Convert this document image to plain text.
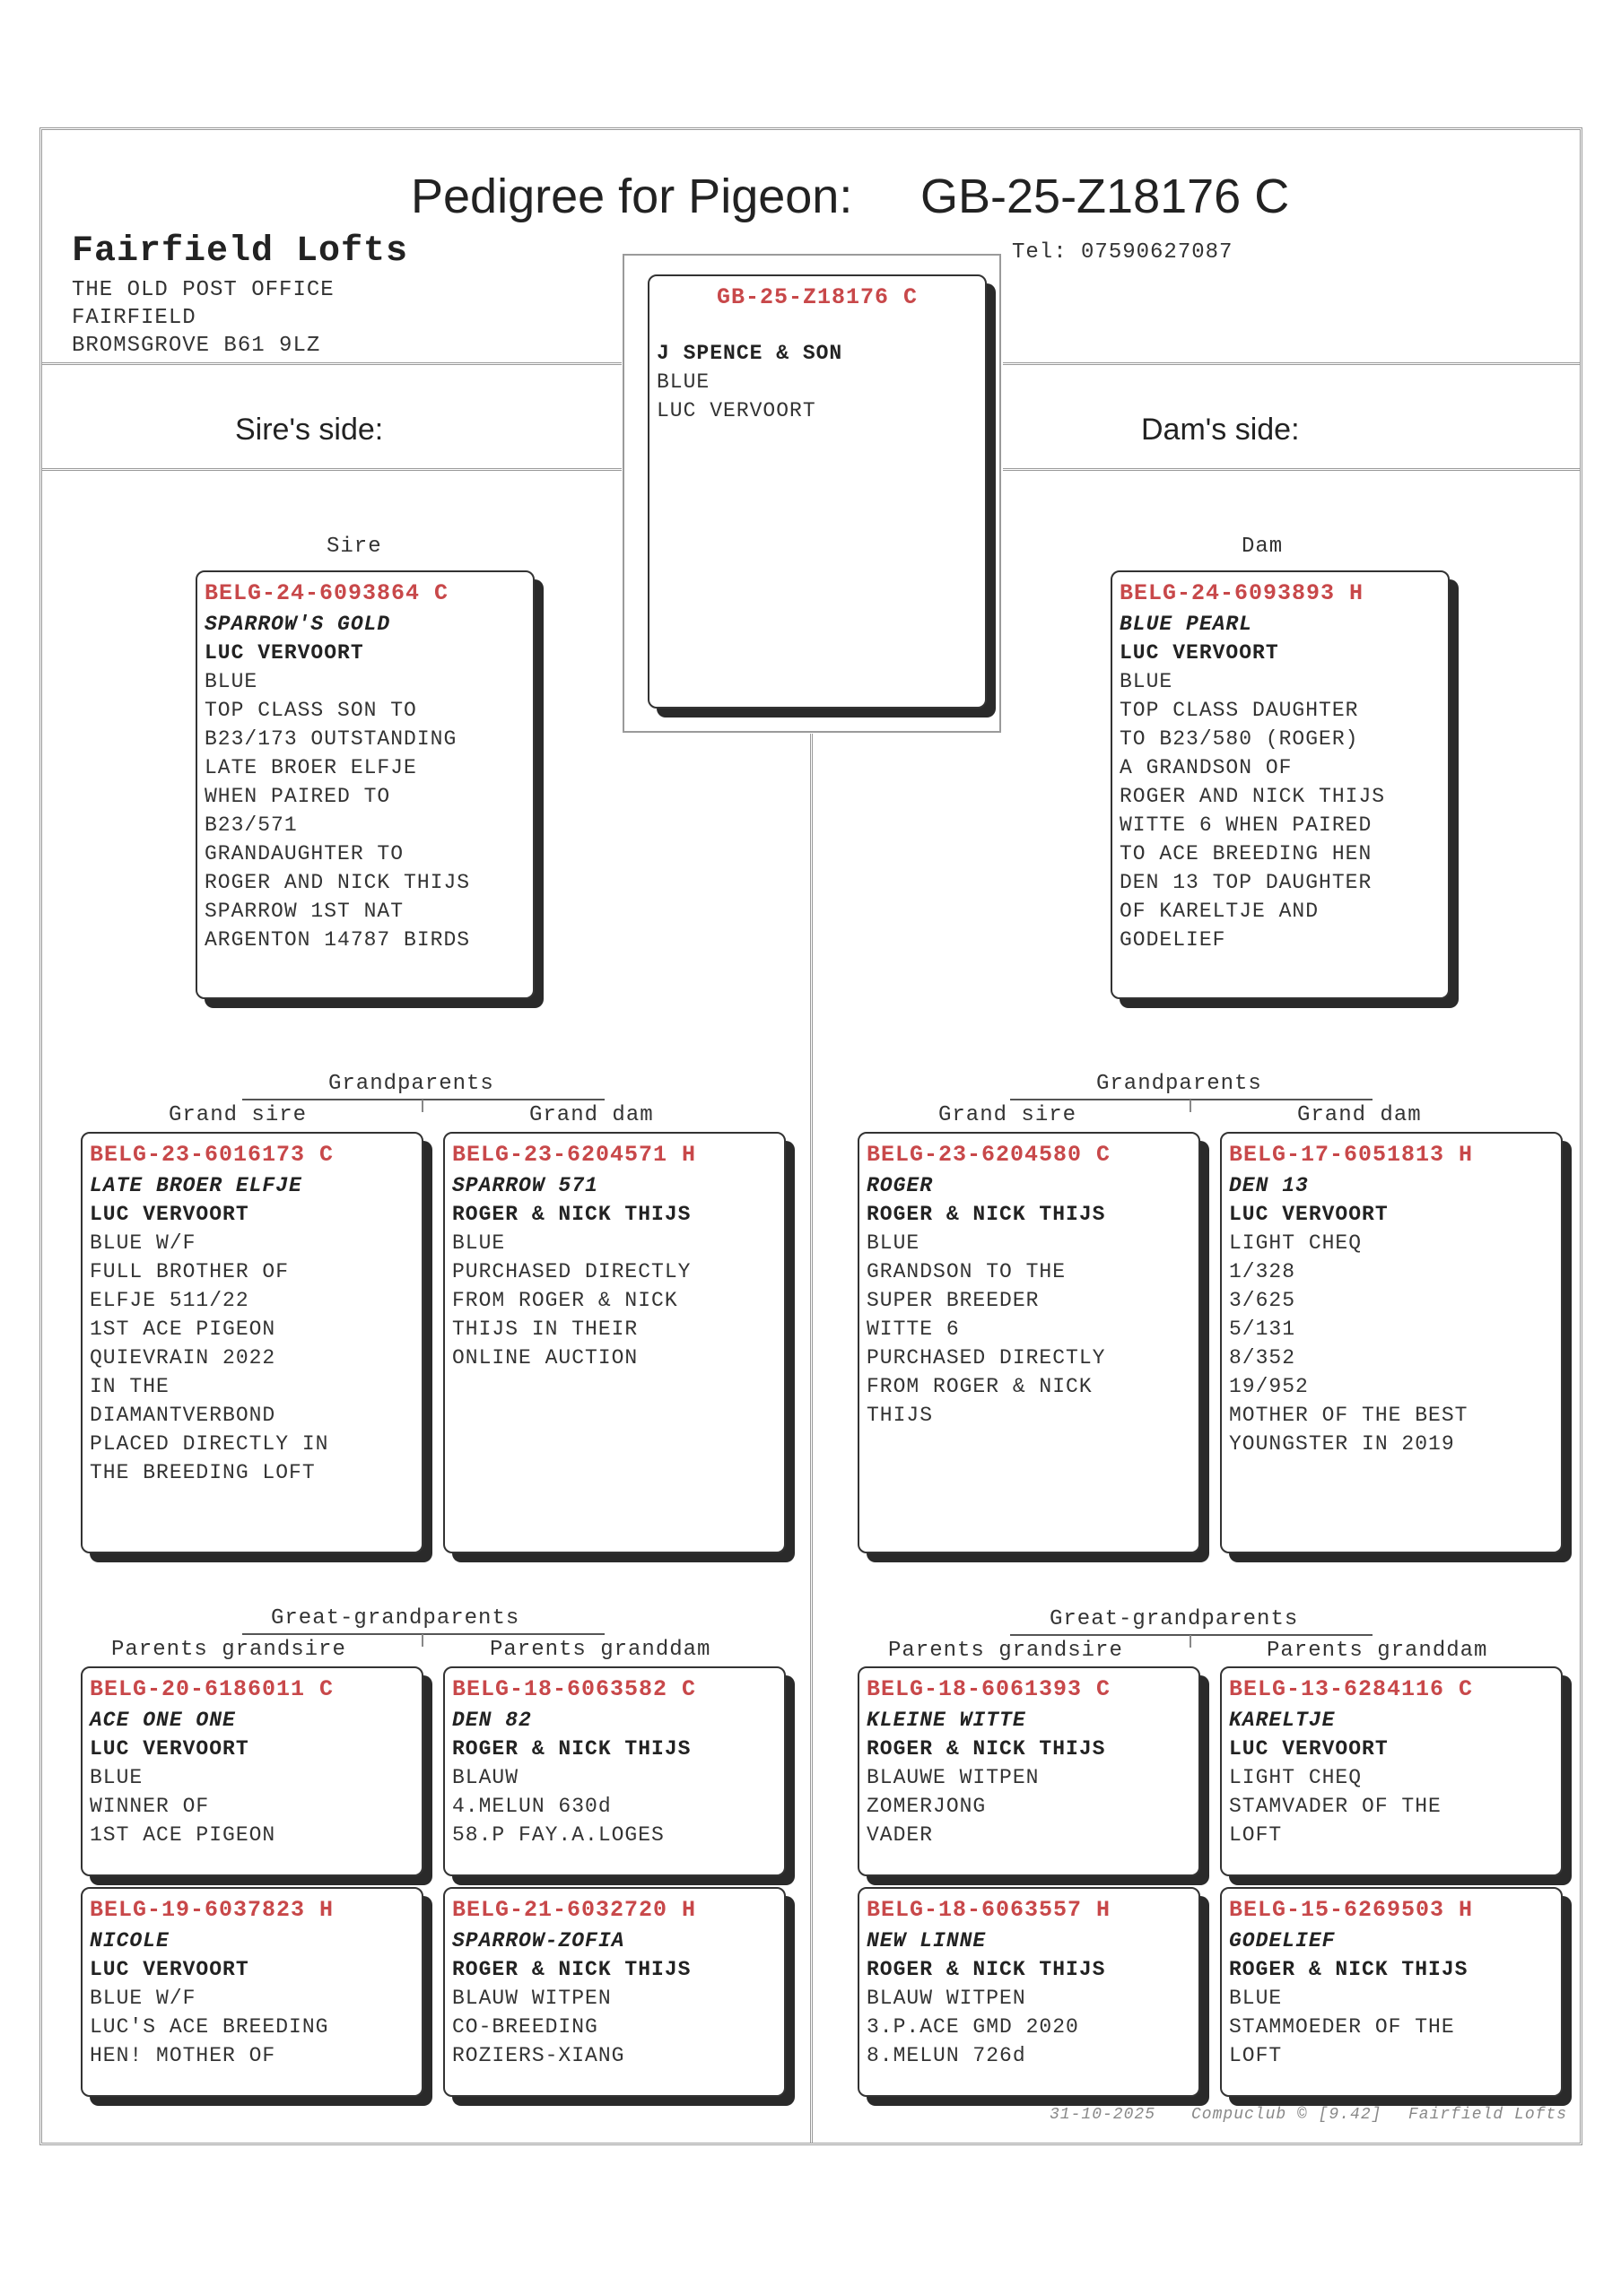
Pedigree for Pigeon: GB-25-Z18176 C
Fairfield Lofts
THE OLD POST OFFICE
FAIRFIELD
BROMSGROVE B61 9LZ
Tel: 07590627087
Sire's side:	Dam's side:
GB-25-Z18176 C
J SPENCE & SON
BLUE
LUC VERVOORT
Sire	Dam
BELG-24-6093864 C
SPARROW'S GOLD
LUC VERVOORT
BLUE
TOP CLASS SON TO
B23/173 OUTSTANDING
LATE BROER ELFJE
WHEN PAIRED TO
B23/571
GRANDAUGHTER TO
ROGER AND NICK THIJS
SPARROW 1ST NAT
ARGENTON 14787 BIRDS
BELG-24-6093893 H
BLUE PEARL
LUC VERVOORT
BLUE
TOP CLASS DAUGHTER
TO B23/580 (ROGER)
A GRANDSON OF
ROGER AND NICK THIJS
WITTE 6 WHEN PAIRED
TO ACE BREEDING HEN
DEN 13 TOP DAUGHTER
OF KARELTJE AND
GODELIEF
Grandparents
Grand sire	Grand dam
Grandparents
Grand sire	Grand dam
BELG-23-6016173 C
LATE BROER ELFJE
LUC VERVOORT
BLUE W/F
FULL BROTHER OF
ELFJE 511/22
1ST ACE PIGEON
QUIEVRAIN 2022
IN THE
DIAMANTVERBOND
PLACED DIRECTLY IN
THE BREEDING LOFT
BELG-23-6204571 H
SPARROW 571
ROGER & NICK THIJS
BLUE
PURCHASED DIRECTLY
FROM ROGER & NICK
THIJS IN THEIR
ONLINE AUCTION
BELG-23-6204580 C
ROGER
ROGER & NICK THIJS
BLUE
GRANDSON TO THE
SUPER BREEDER
WITTE 6
PURCHASED DIRECTLY
FROM ROGER & NICK
THIJS
BELG-17-6051813 H
DEN 13
LUC VERVOORT
LIGHT CHEQ
1/328
3/625
5/131
8/352
19/952
MOTHER OF THE BEST
YOUNGSTER IN 2019
Great-grandparents
Parents grandsire	Parents granddam
Great-grandparents
Parents grandsire	Parents granddam
BELG-20-6186011 C
ACE ONE ONE
LUC VERVOORT
BLUE
WINNER OF
1ST ACE PIGEON
BELG-18-6063582 C
DEN 82
ROGER & NICK THIJS
BLAUW
4.MELUN 630d
58.P FAY.A.LOGES
BELG-18-6061393 C
KLEINE WITTE
ROGER & NICK THIJS
BLAUWE WITPEN
ZOMERJONG
VADER
BELG-13-6284116 C
KARELTJE
LUC VERVOORT
LIGHT CHEQ
STAMVADER OF THE
LOFT
BELG-19-6037823 H
NICOLE
LUC VERVOORT
BLUE W/F
LUC'S ACE BREEDING
HEN! MOTHER OF
BELG-21-6032720 H
SPARROW-ZOFIA
ROGER & NICK THIJS
BLAUW WITPEN
CO-BREEDING
ROZIERS-XIANG
BELG-18-6063557 H
NEW LINNE
ROGER & NICK THIJS
BLAUW WITPEN
3.P.ACE GMD 2020
8.MELUN 726d
BELG-15-6269503 H
GODELIEF
ROGER & NICK THIJS
BLUE
STAMMOEDER OF THE
LOFT
31-10-2025 Compuclub © [9.42] Fairfield Lofts
